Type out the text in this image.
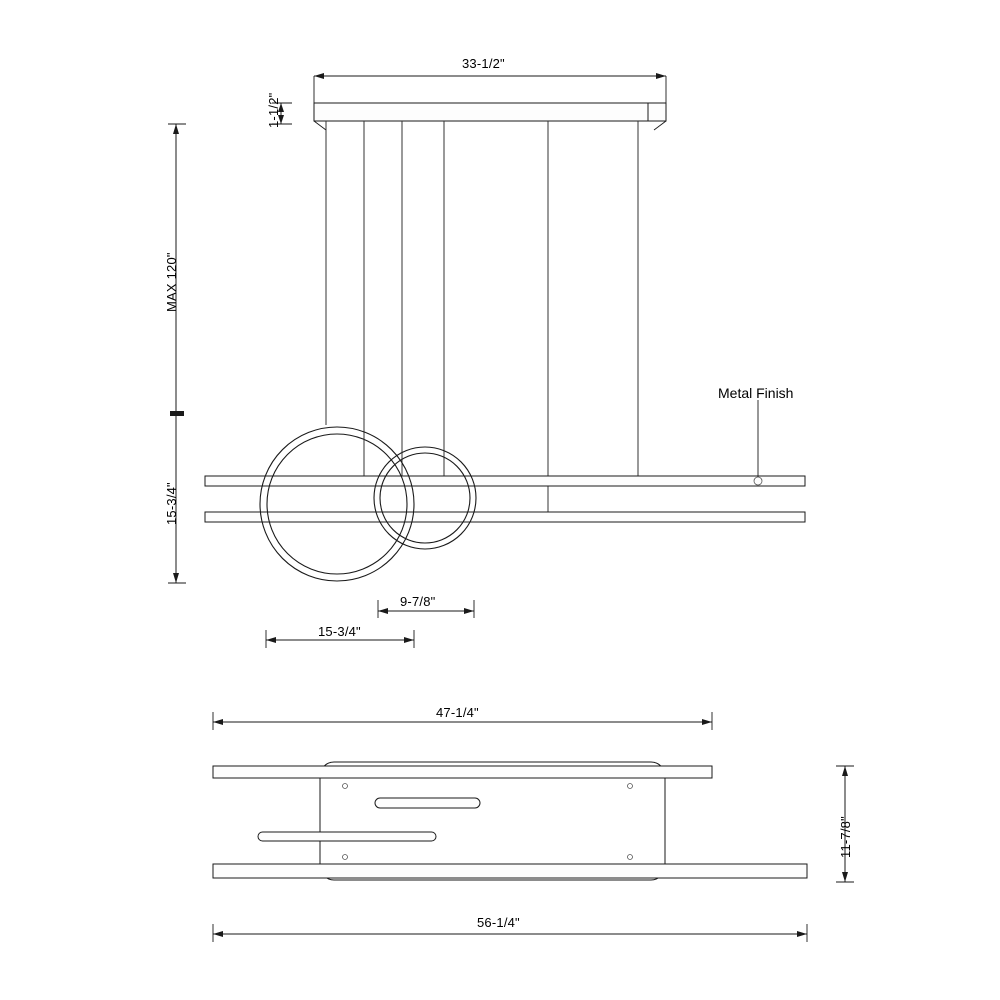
33-1/2"
1-1/2"
MAX 120"
15-3/4"
Metal Finish
9-7/8"
15-3/4"
47-1/4"
11-7/8"
56-1/4"
